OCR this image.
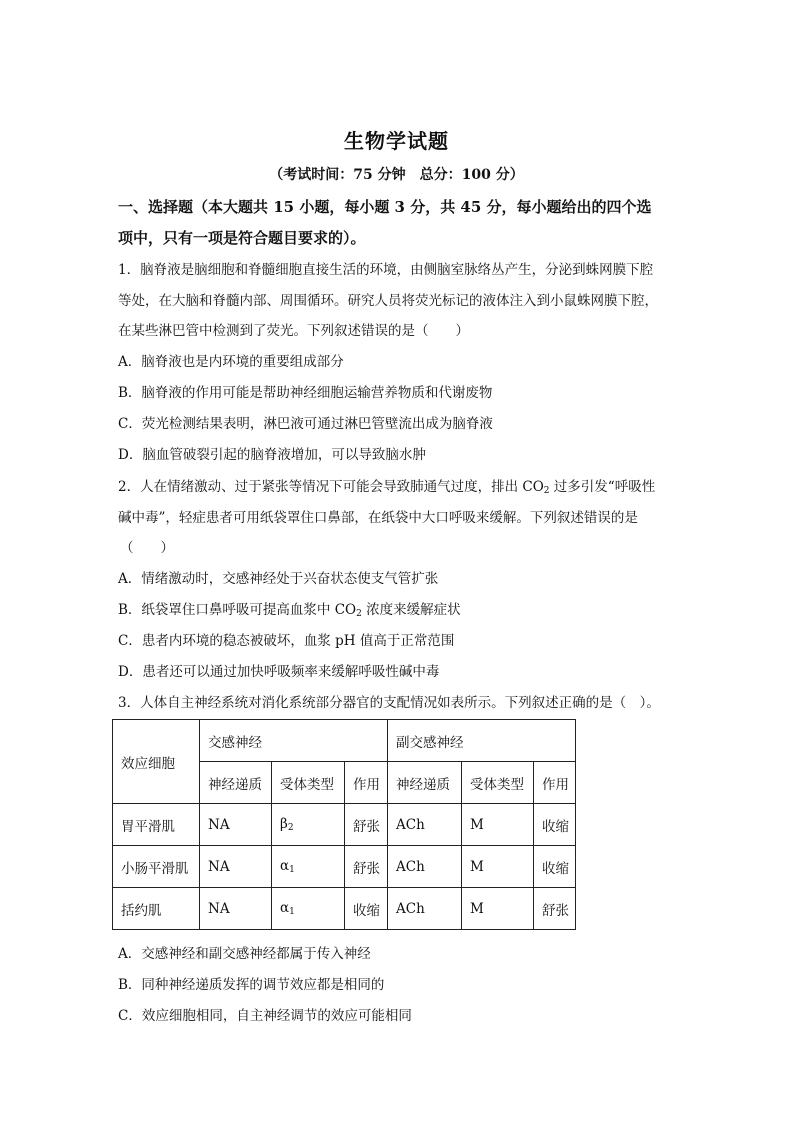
生物学试题
（考试时间：75 分钟　总分：100 分）
一、选择题（本大题共 15 小题，每小题 3 分，共 45 分，每小题给出的四个选
项中，只有一项是符合题目要求的）。
1．脑脊液是脑细胞和脊髓细胞直接生活的环境，由侧脑室脉络丛产生，分泌到蛛网膜下腔
等处，在大脑和脊髓内部、周围循环。研究人员将荧光标记的液体注入到小鼠蛛网膜下腔，
在某些淋巴管中检测到了荧光。下列叙述错误的是（　　）
A．脑脊液也是内环境的重要组成部分
B．脑脊液的作用可能是帮助神经细胞运输营养物质和代谢废物
C．荧光检测结果表明，淋巴液可通过淋巴管壁流出成为脑脊液
D．脑血管破裂引起的脑脊液增加，可以导致脑水肿
2．人在情绪激动、过于紧张等情况下可能会导致肺通气过度，排出 $CO_2$ 过多引发“呼吸性
碱中毒”，轻症患者可用纸袋罩住口鼻部，在纸袋中大口呼吸来缓解。下列叙述错误的是
（　　）
A．情绪激动时，交感神经处于兴奋状态使支气管扩张
B．纸袋罩住口鼻呼吸可提高血浆中 $CO_2$ 浓度来缓解症状
C．患者内环境的稳态被破坏，血浆 pH 值高于正常范围
D．患者还可以通过加快呼吸频率来缓解呼吸性碱中毒
3．人体自主神经系统对消化系统部分器官的支配情况如表所示。下列叙述正确的是（　）。
效应细胞	交感神经			副交感神经		
	神经递质	受体类型	作用	神经递质	受体类型	作用
胃平滑肌	NA	$\beta_2$	舒张	ACh	M	收缩
小肠平滑肌	NA	$\alpha_1$	舒张	ACh	M	收缩
括约肌	NA	$\alpha_1$	收缩	ACh	M	舒张
A．交感神经和副交感神经都属于传入神经
B．同种神经递质发挥的调节效应都是相同的
C．效应细胞相同，自主神经调节的效应可能相同
